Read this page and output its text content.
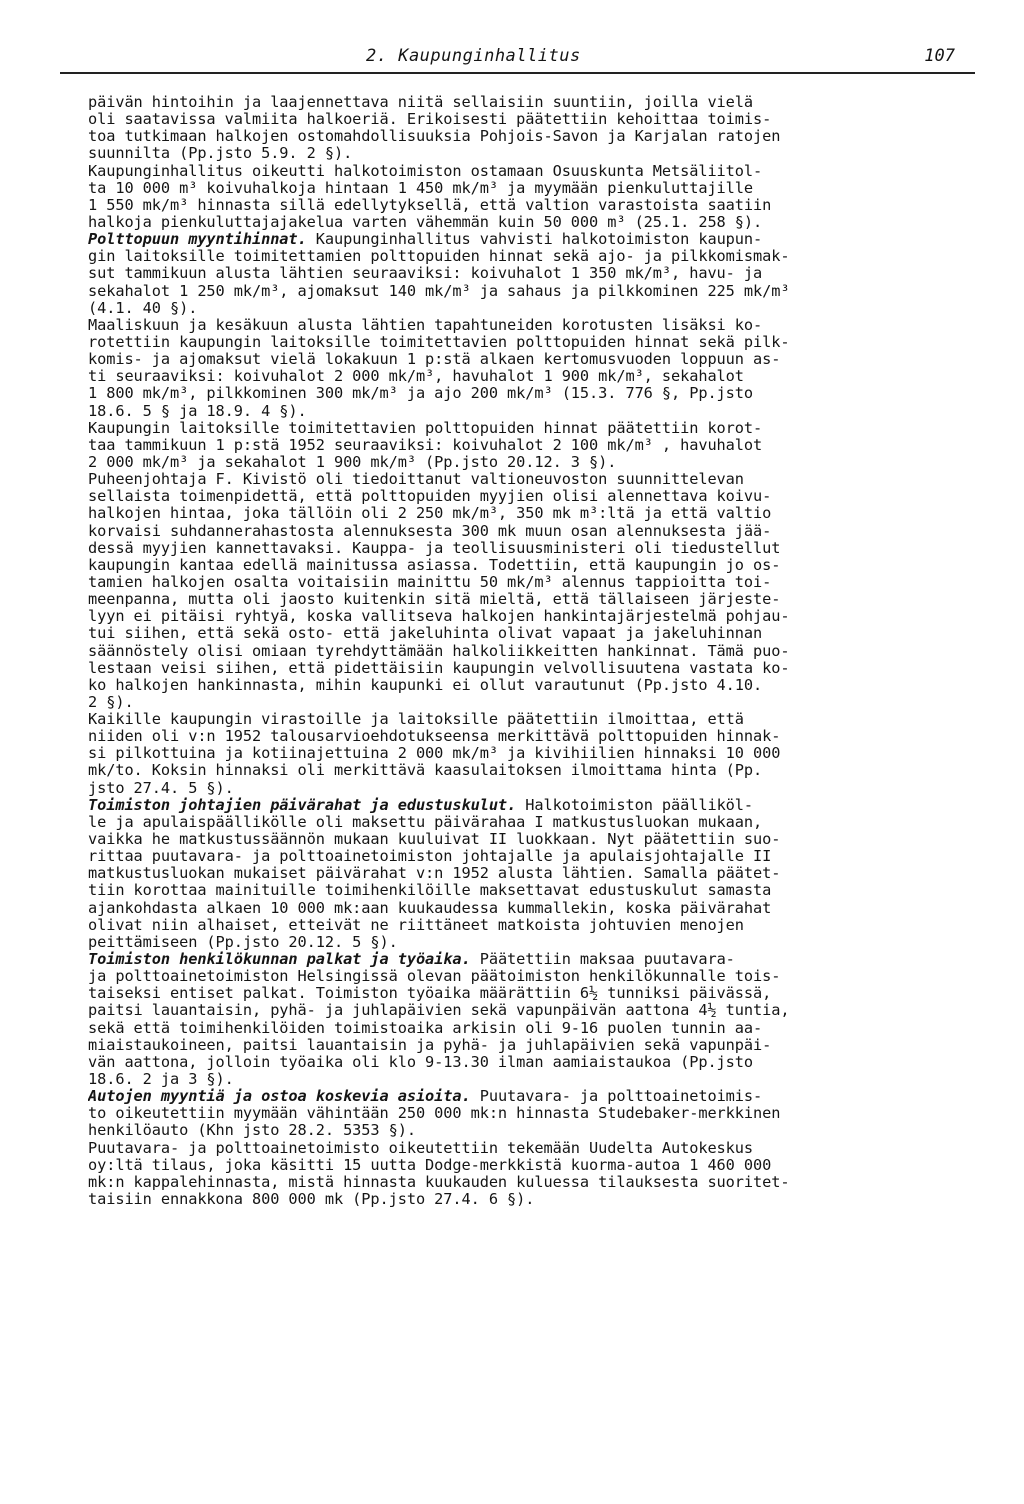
2. Kaupunginhallitus	107
päivän hintoihin ja laajennettava niitä sellaisiin suuntiin, joilla vielä
oli saatavissa valmiita halkoeriä. Erikoisesti päätettiin kehoittaa toimis-
toa tutkimaan halkojen ostomahdollisuuksia Pohjois-Savon ja Karjalan ratojen
suunnilta (Pp.jsto 5.9. 2 §).
Kaupunginhallitus oikeutti halkotoimiston ostamaan Osuuskunta Metsäliitol-
ta 10 000 m³ koivuhalkoja hintaan 1 450 mk/m³ ja myymään pienkuluttajille
1 550 mk/m³ hinnasta sillä edellytyksellä, että valtion varastoista saatiin
halkoja pienkuluttajajakelua varten vähemmän kuin 50 000 m³ (25.1. 258 §).
Polttopuun myyntihinnat. Kaupunginhallitus vahvisti halkotoimiston kaupun-
gin laitoksille toimitettamien polttopuiden hinnat sekä ajo- ja pilkkomismak-
sut tammikuun alusta lähtien seuraaviksi: koivuhalot 1 350 mk/m³, havu- ja
sekahalot 1 250 mk/m³, ajomaksut 140 mk/m³ ja sahaus ja pilkkominen 225 mk/m³
(4.1. 40 §).
Maaliskuun ja kesäkuun alusta lähtien tapahtuneiden korotusten lisäksi ko-
rotettiin kaupungin laitoksille toimitettavien polttopuiden hinnat sekä pilk-
komis- ja ajomaksut vielä lokakuun 1 p:stä alkaen kertomusvuoden loppuun as-
ti seuraaviksi: koivuhalot 2 000 mk/m³, havuhalot 1 900 mk/m³, sekahalot
1 800 mk/m³, pilkkominen 300 mk/m³ ja ajo 200 mk/m³ (15.3. 776 §, Pp.jsto
18.6. 5 § ja 18.9. 4 §).
Kaupungin laitoksille toimitettavien polttopuiden hinnat päätettiin korot-
taa tammikuun 1 p:stä 1952 seuraaviksi: koivuhalot 2 100 mk/m³ , havuhalot
2 000 mk/m³ ja sekahalot 1 900 mk/m³ (Pp.jsto 20.12. 3 §).
Puheenjohtaja F. Kivistö oli tiedoittanut valtioneuvoston suunnittelevan
sellaista toimenpidettä, että polttopuiden myyjien olisi alennettava koivu-
halkojen hintaa, joka tällöin oli 2 250 mk/m³, 350 mk m³:ltä ja että valtio
korvaisi suhdannerahastosta alennuksesta 300 mk muun osan alennuksesta jää-
dessä myyjien kannettavaksi. Kauppa- ja teollisuusministeri oli tiedustellut
kaupungin kantaa edellä mainitussa asiassa. Todettiin, että kaupungin jo os-
tamien halkojen osalta voitaisiin mainittu 50 mk/m³ alennus tappioitta toi-
meenpanna, mutta oli jaosto kuitenkin sitä mieltä, että tällaiseen järjeste-
lyyn ei pitäisi ryhtyä, koska vallitseva halkojen hankintajärjestelmä pohjau-
tui siihen, että sekä osto- että jakeluhinta olivat vapaat ja jakeluhinnan
säännöstely olisi omiaan tyrehdyttämään halkoliikkeitten hankinnat. Tämä puo-
lestaan veisi siihen, että pidettäisiin kaupungin velvollisuutena vastata ko-
ko halkojen hankinnasta, mihin kaupunki ei ollut varautunut (Pp.jsto 4.10.
2 §).
Kaikille kaupungin virastoille ja laitoksille päätettiin ilmoittaa, että
niiden oli v:n 1952 talousarvioehdotukseensa merkittävä polttopuiden hinnak-
si pilkottuina ja kotiinajettuina 2 000 mk/m³ ja kivihiilien hinnaksi 10 000
mk/to. Koksin hinnaksi oli merkittävä kaasulaitoksen ilmoittama hinta (Pp.
jsto 27.4. 5 §).
Toimiston johtajien päivärahat ja edustuskulut. Halkotoimiston päälliköl-
le ja apulaispäällikölle oli maksettu päivärahaa I matkustusluokan mukaan,
vaikka he matkustussäännön mukaan kuuluivat II luokkaan. Nyt päätettiin suo-
rittaa puutavara- ja polttoainetoimiston johtajalle ja apulaisjohtajalle II
matkustusluokan mukaiset päivärahat v:n 1952 alusta lähtien. Samalla päätet-
tiin korottaa mainituille toimihenkilöille maksettavat edustuskulut samasta
ajankohdasta alkaen 10 000 mk:aan kuukaudessa kummallekin, koska päivärahat
olivat niin alhaiset, etteivät ne riittäneet matkoista johtuvien menojen
peittämiseen (Pp.jsto 20.12. 5 §).
Toimiston henkilökunnan palkat ja työaika. Päätettiin maksaa puutavara-
ja polttoainetoimiston Helsingissä olevan päätoimiston henkilökunnalle tois-
taiseksi entiset palkat. Toimiston työaika määrättiin 6½ tunniksi päivässä,
paitsi lauantaisin, pyhä- ja juhlapäivien sekä vapunpäivän aattona 4½ tuntia,
sekä että toimihenkilöiden toimistoaika arkisin oli 9-16 puolen tunnin aa-
miaistaukoineen, paitsi lauantaisin ja pyhä- ja juhlapäivien sekä vapunpäi-
vän aattona, jolloin työaika oli klo 9-13.30 ilman aamiaistaukoa (Pp.jsto
18.6. 2 ja 3 §).
Autojen myyntiä ja ostoa koskevia asioita. Puutavara- ja polttoainetoimis-
to oikeutettiin myymään vähintään 250 000 mk:n hinnasta Studebaker-merkkinen
henkilöauto (Khn jsto 28.2. 5353 §).
Puutavara- ja polttoainetoimisto oikeutettiin tekemään Uudelta Autokeskus
oy:ltä tilaus, joka käsitti 15 uutta Dodge-merkkistä kuorma-autoa 1 460 000
mk:n kappalehinnasta, mistä hinnasta kuukauden kuluessa tilauksesta suoritet-
taisiin ennakkona 800 000 mk (Pp.jsto 27.4. 6 §).
